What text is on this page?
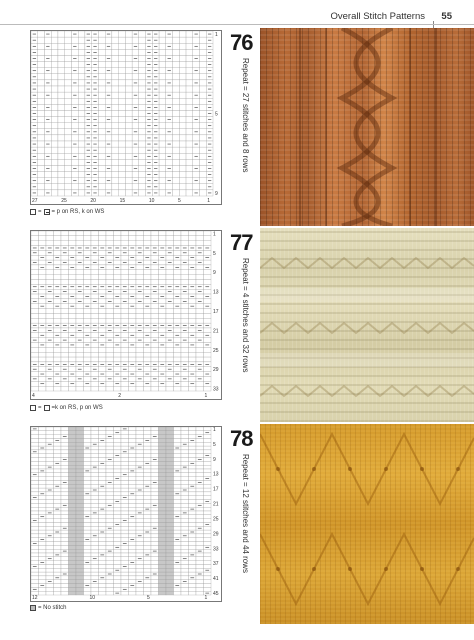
Overall Stitch Patterns 55
9
5
1
27	25	20	15	10	5	1
= = p on RS, k on WS
76
Repeat = 27 stitches and 8 rows
33
29
25
21
17
13
9
5
1
4	2	1
= =k on RS, p on WS
77
Repeat = 4 stitches and 32 rows
45
41
37
33
29
25
21
17
13
9
5
1
12	10	5	1
= No stitch
78
Repeat = 12 stitches and 44 rows
